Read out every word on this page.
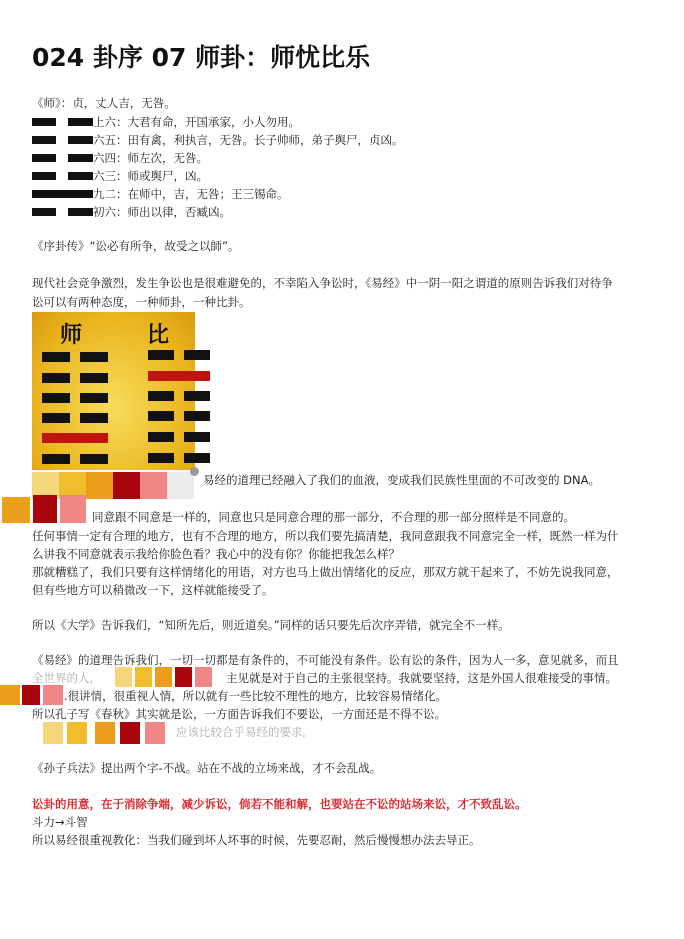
024 卦序 07 师卦：师忧比乐
《师》：贞，丈人吉，无咎。
上六：大君有命，开国承家，小人勿用。
六五：田有禽，利执言，无咎。长子帅师，弟子舆尸，贞凶。
六四：师左次，无咎。
六三：师或舆尸，凶。
九二：在师中，吉，无咎；王三锡命。
初六：师出以律，否臧凶。
《序卦传》“讼必有所争，故受之以師”。
现代社会竞争激烈，发生争讼也是很难避免的，不幸陷入争讼时，《易经》中一阴一阳之谓道的原则告诉我们对待争
讼可以有两种态度，一种师卦，一种比卦。
师	比
易经的道理已经融入了我们的血液，变成我们民族性里面的不可改变的 DNA。
同意跟不同意是一样的，同意也只是同意合理的那一部分，不合理的那一部分照样是不同意的。
任何事情一定有合理的地方，也有不合理的地方，所以我们要先搞清楚，我同意跟我不同意完全一样，既然一样为什
么讲我不同意就表示我给你脸色看？我心中的没有你？你能把我怎么样？
那就糟糕了，我们只要有这样情绪化的用语，对方也马上做出情绪化的反应，那双方就干起来了，不妨先说我同意，
但有些地方可以稍微改一下，这样就能接受了。
所以《大学》告诉我们，“知所先后，则近道矣。”同样的话只要先后次序弄错，就完全不一样。
《易经》的道理告诉我们，一切一切都是有条件的，不可能没有条件。讼有讼的条件，因为人一多，意见就多，而且
全世界的人，	主见就是对于自己的主张很坚持。我就要坚持，这是外国人很难接受的事情。
.很讲情，很重视人情，所以就有一些比较不理性的地方，比较容易情绪化。
所以孔子写《春秋》其实就是讼，一方面告诉我们不要讼，一方面还是不得不讼。
应该比较合乎易经的要求。
《孙子兵法》提出两个字-不战。站在不战的立场来战，才不会乱战。
讼卦的用意，在于消除争端，减少诉讼，倘若不能和解，也要站在不讼的站场来讼，才不致乱讼。
斗力→斗智
所以易经很重视教化：当我们碰到坏人坏事的时候，先要忍耐，然后慢慢想办法去导正。
